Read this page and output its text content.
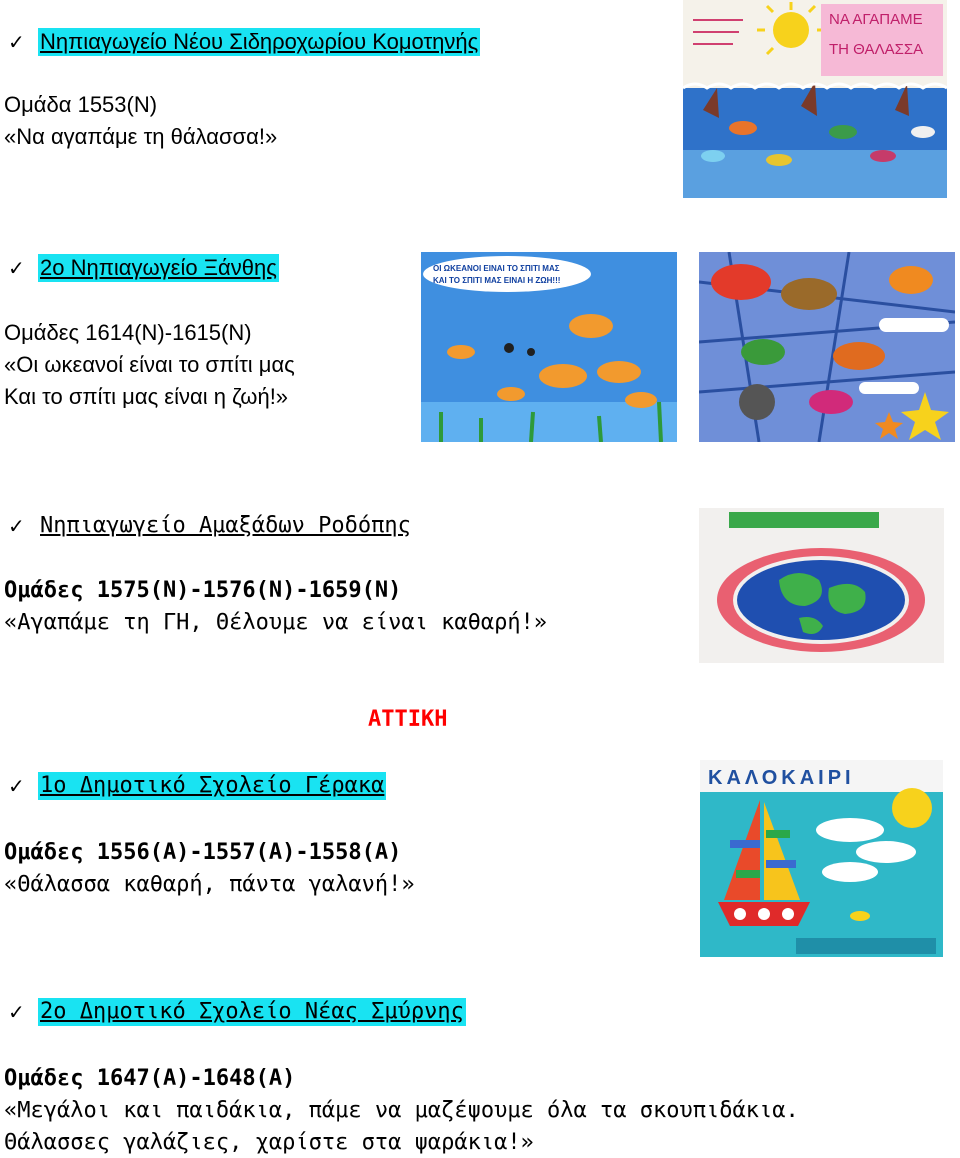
✓ Νηπιαγωγείο Νέου Σιδηροχωρίου Κομοτηνής
Ομάδα 1553(Ν)
«Να αγαπάμε τη θάλασσα!»
ΝΑ ΑΓΑΠΑΜΕ
ΤΗ ΘΑΛΑΣΣΑ
✓ 2ο Νηπιαγωγείο Ξάνθης
Ομάδες 1614(Ν)-1615(Ν)
«Οι ωκεανοί είναι το σπίτι μας
Και το σπίτι μας είναι η ζωή!»
ΟΙ ΩΚΕΑΝΟΙ ΕΙΝΑΙ ΤΟ ΣΠΙΤΙ ΜΑΣ
ΚΑΙ ΤΟ ΣΠΙΤΙ ΜΑΣ ΕΙΝΑΙ Η ΖΩΗ!!!
✓ Νηπιαγωγείο Αμαξάδων Ροδόπης
Ομάδες 1575(Ν)-1576(Ν)-1659(Ν)
«Αγαπάμε τη ΓΗ, Θέλουμε να είναι καθαρή!»
ΑΤΤΙΚΗ
✓ 1ο Δημοτικό Σχολείο Γέρακα
Ομάδες 1556(Α)-1557(Α)-1558(Α)
«Θάλασσα καθαρή, πάντα γαλανή!»
ΚΑΛΟΚΑΙΡΙ
✓ 2ο Δημοτικό Σχολείο Νέας Σμύρνης
Ομάδες 1647(Α)-1648(Α)
«Μεγάλοι και παιδάκια, πάμε να μαζέψουμε όλα τα σκουπιδάκια.
Θάλασσες γαλάζιες, χαρίστε στα ψαράκια!»
